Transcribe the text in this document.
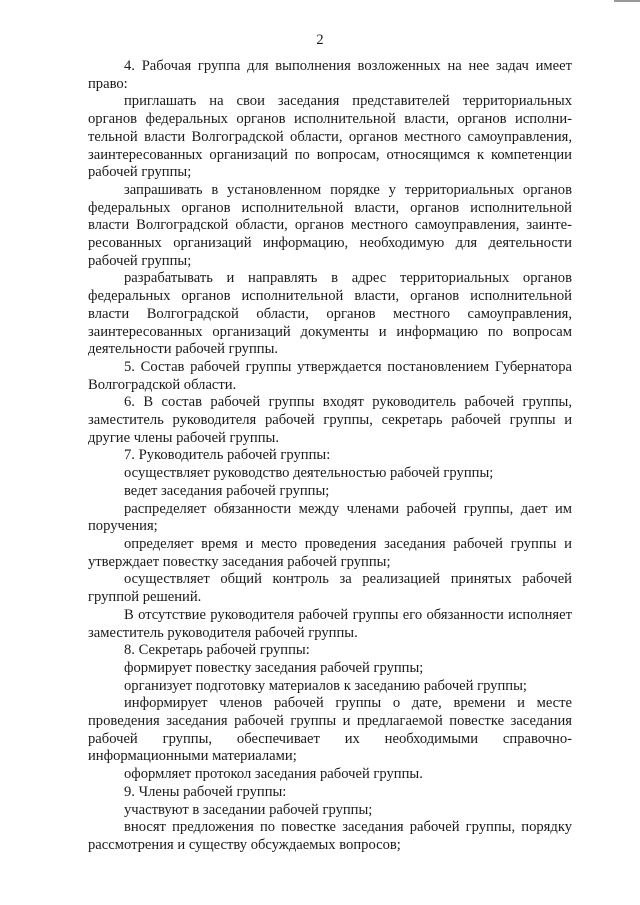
2

4. Рабочая группа для выполнения возложенных на нее задач имеет право:

приглашать на свои заседания представителей территориальных органов федеральных органов исполнительной власти, органов исполнительной власти Волгоградской области, органов местного самоуправления, заинтересованных организаций по вопросам, относящимся к компетенции рабочей группы;

запрашивать в установленном порядке у территориальных органов федеральных органов исполнительной власти, органов исполнительной власти Волгоградской области, органов местного самоуправления, заинтересованных организаций информацию, необходимую для деятельности рабочей группы;

разрабатывать и направлять в адрес территориальных органов федеральных органов исполнительной власти, органов исполнительной власти Волгоградской области, органов местного самоуправления, заинтересованных организаций документы и информацию по вопросам деятельности рабочей группы.

5. Состав рабочей группы утверждается постановлением Губернатора Волгоградской области.

6. В состав рабочей группы входят руководитель рабочей группы, заместитель руководителя рабочей группы, секретарь рабочей группы и другие члены рабочей группы.

7. Руководитель рабочей группы:

осуществляет руководство деятельностью рабочей группы;

ведет заседания рабочей группы;

распределяет обязанности между членами рабочей группы, дает им поручения;

определяет время и место проведения заседания рабочей группы и утверждает повестку заседания рабочей группы;

осуществляет общий контроль за реализацией принятых рабочей группой решений.

В отсутствие руководителя рабочей группы его обязанности исполняет заместитель руководителя рабочей группы.

8. Секретарь рабочей группы:

формирует повестку заседания рабочей группы;

организует подготовку материалов к заседанию рабочей группы;

информирует членов рабочей группы о дате, времени и месте проведения заседания рабочей группы и предлагаемой повестке заседания рабочей группы, обеспечивает их необходимыми справочно-информационными материалами;

оформляет протокол заседания рабочей группы.

9. Члены рабочей группы:

участвуют в заседании рабочей группы;

вносят предложения по повестке заседания рабочей группы, порядку рассмотрения и существу обсуждаемых вопросов;
